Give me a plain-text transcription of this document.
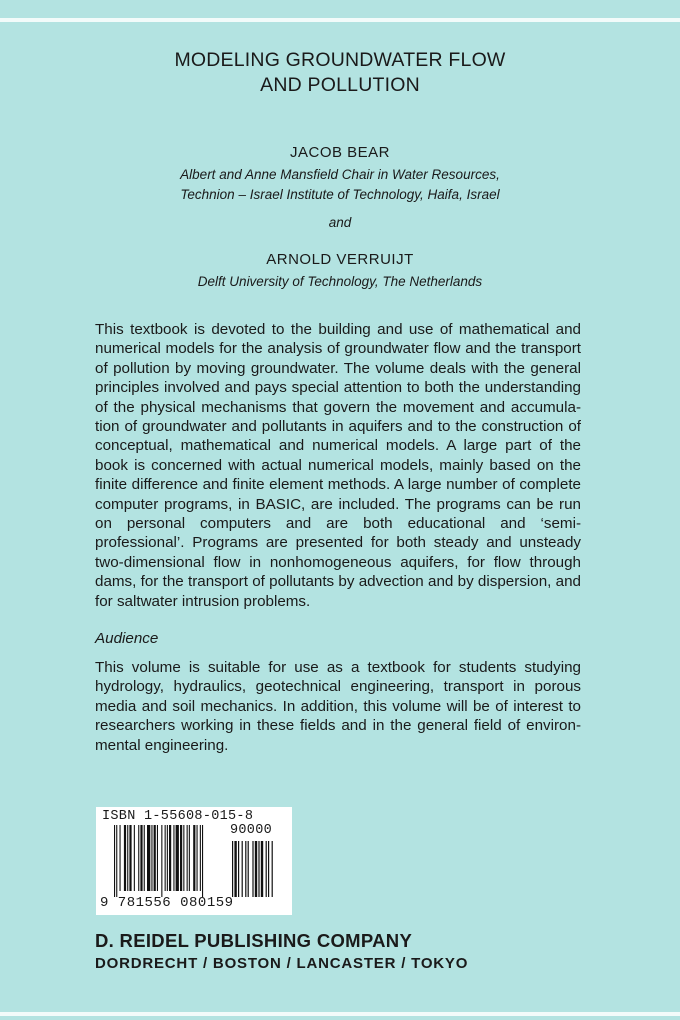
MODELING GROUNDWATER FLOW
AND POLLUTION
JACOB BEAR
Albert and Anne Mansfield Chair in Water Resources,
Technion – Israel Institute of Technology, Haifa, Israel
and
ARNOLD VERRUIJT
Delft University of Technology, The Netherlands
This textbook is devoted to the building and use of mathematical and numerical models for the analysis of groundwater flow and the transport of pollution by moving groundwater. The volume deals with the general principles involved and pays special attention to both the understanding of the physical mechanisms that govern the movement and accumulation of groundwater and pollutants in aquifers and to the construction of conceptual, mathematical and numerical models. A large part of the book is concerned with actual numerical models, mainly based on the finite difference and finite element methods. A large number of complete computer programs, in BASIC, are included. The programs can be run on personal computers and are both educational and ‘semi-professional’. Programs are presented for both steady and unsteady two-dimensional flow in nonhomogeneous aquifers, for flow through dams, for the transport of pollutants by advection and by dispersion, and for saltwater intrusion problems.
Audience
This volume is suitable for use as a textbook for students studying hydrology, hydraulics, geotechnical engineering, transport in porous media and soil mechanics. In addition, this volume will be of interest to researchers working in these fields and in the general field of environmental engineering.
ISBN 1-55608-015-8
90000
9 781556 080159
D. REIDEL PUBLISHING COMPANY
DORDRECHT / BOSTON / LANCASTER / TOKYO
